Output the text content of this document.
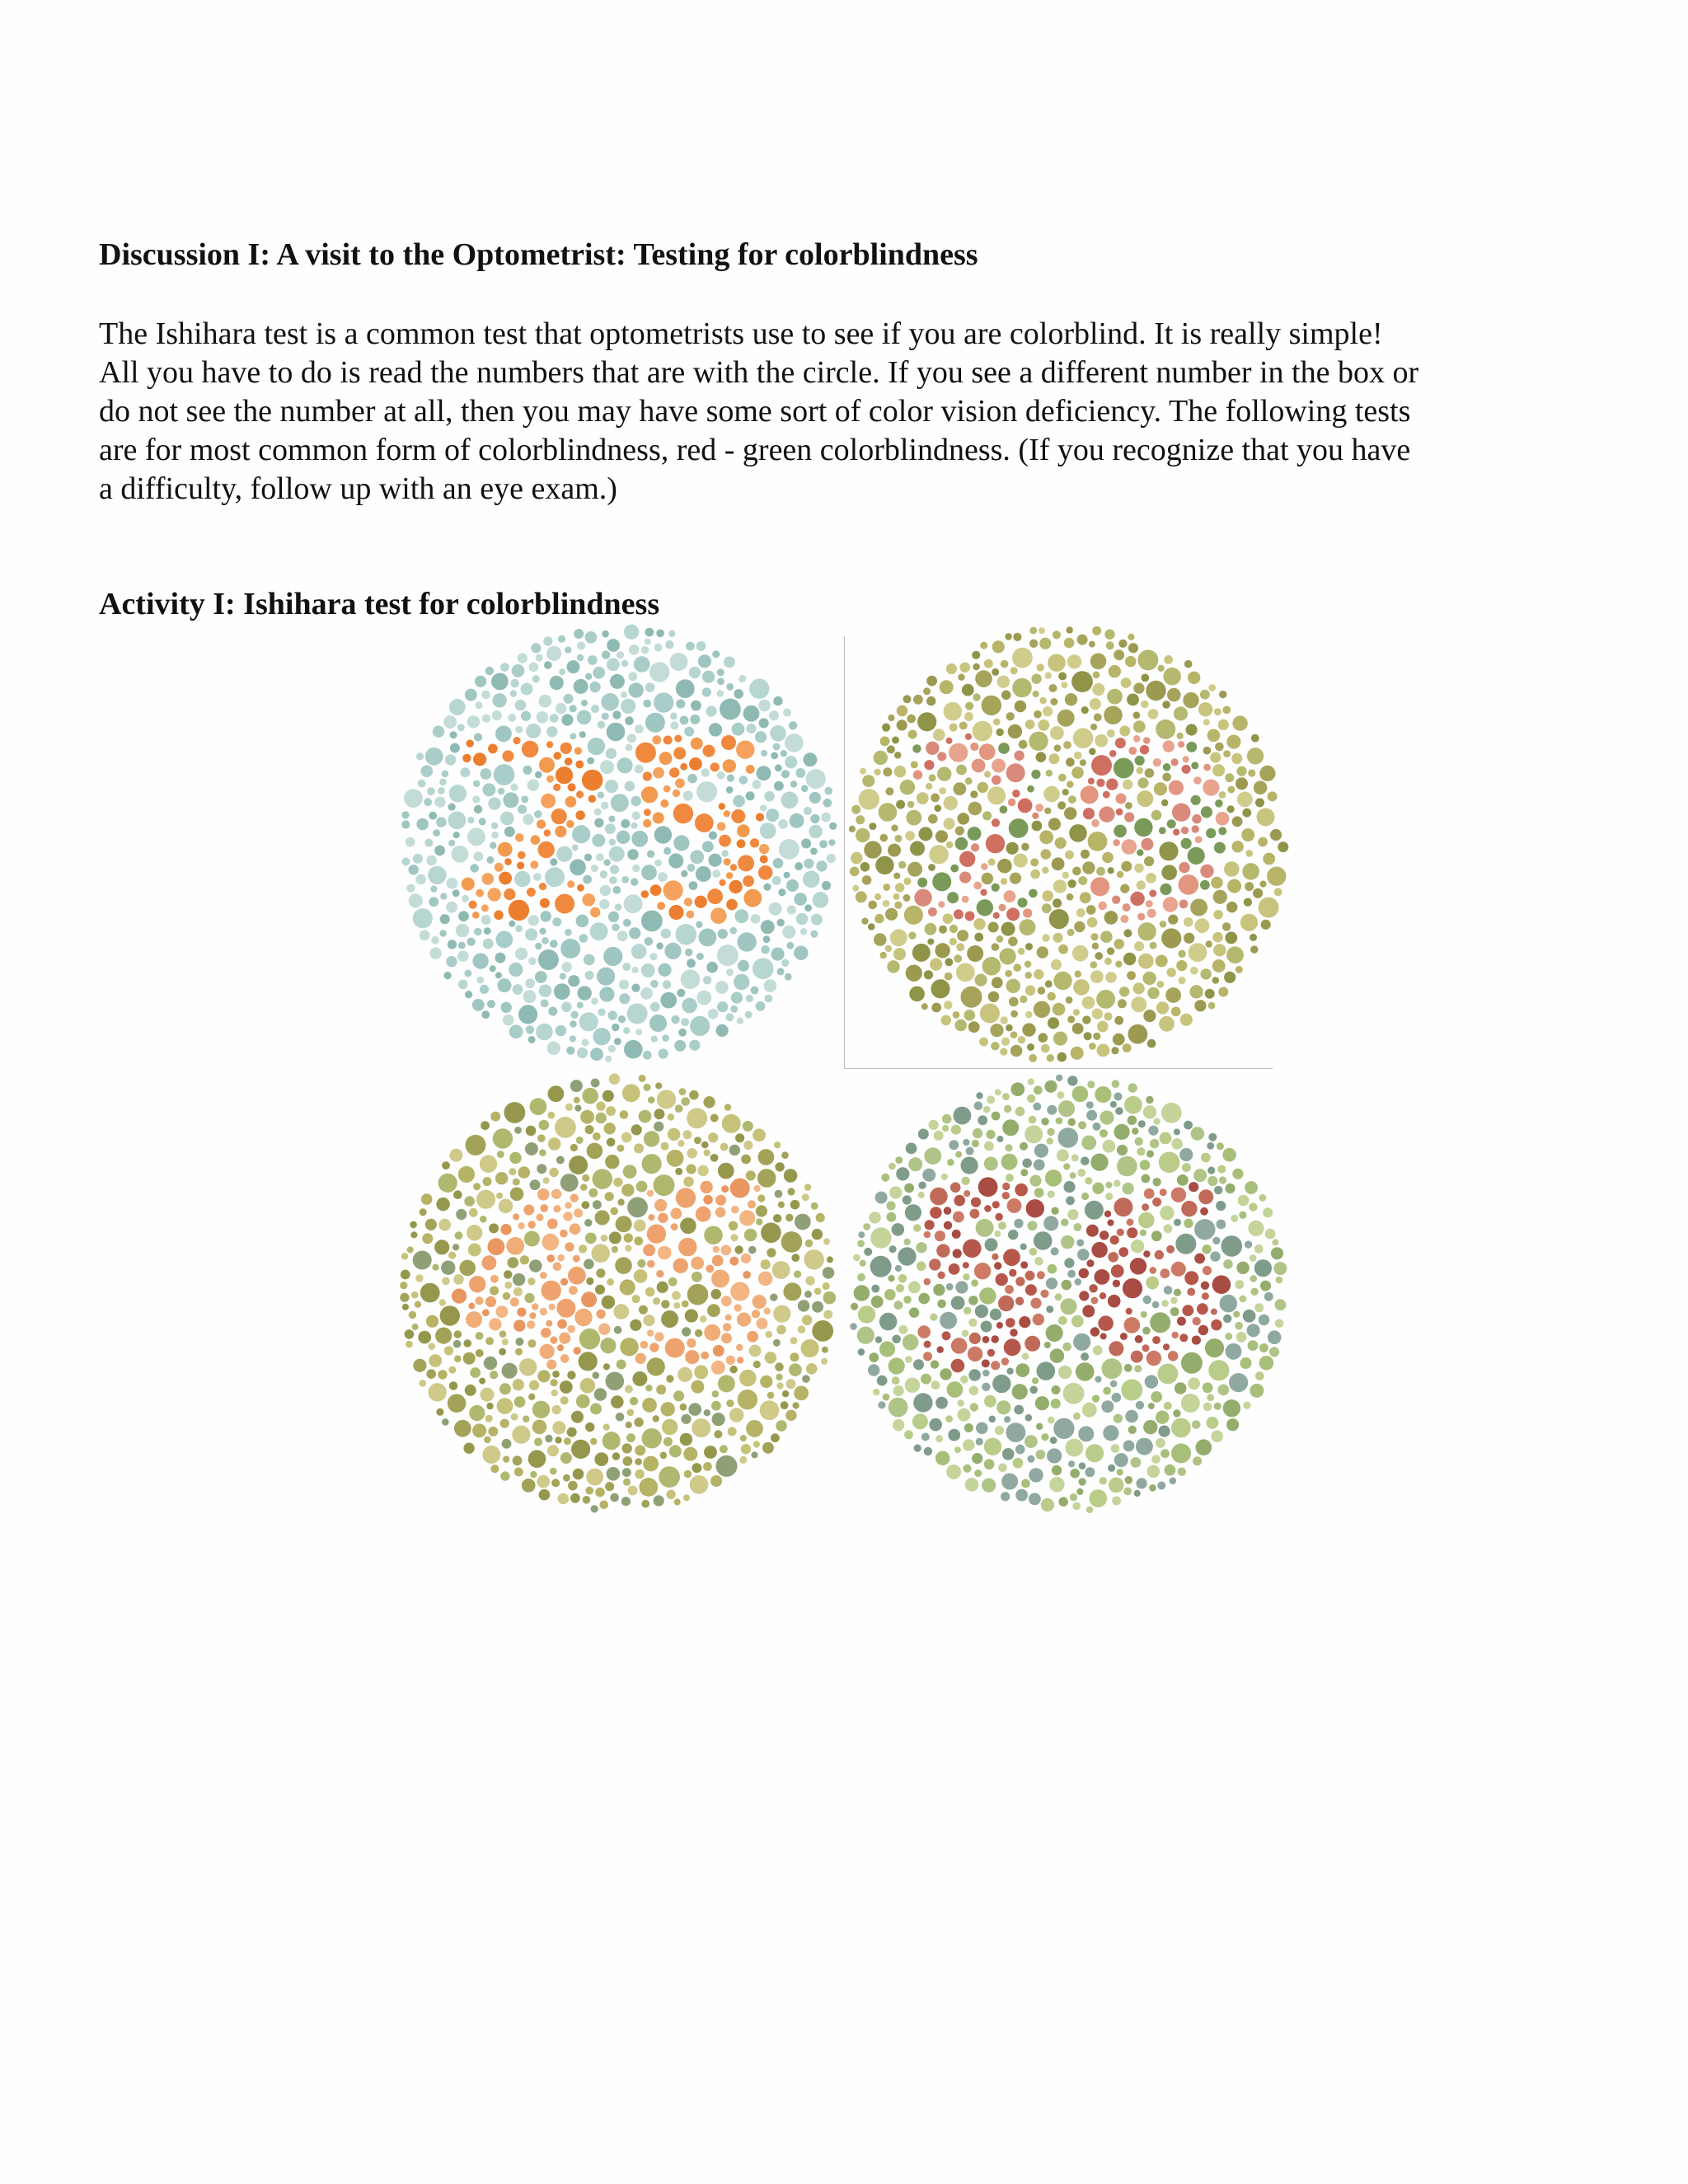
Discussion I: A visit to the Optometrist: Testing for colorblindness

The Ishihara test is a common test that optometrists use to see if you are colorblind. It is really simple!
All you have to do is read the numbers that are with the circle. If you see a different number in the box or
do not see the number at all, then you may have some sort of color vision deficiency. The following tests
are for most common form of colorblindness, red - green colorblindness. (If you recognize that you have
a difficulty, follow up with an eye exam.)

Activity I: Ishihara test for colorblindness
